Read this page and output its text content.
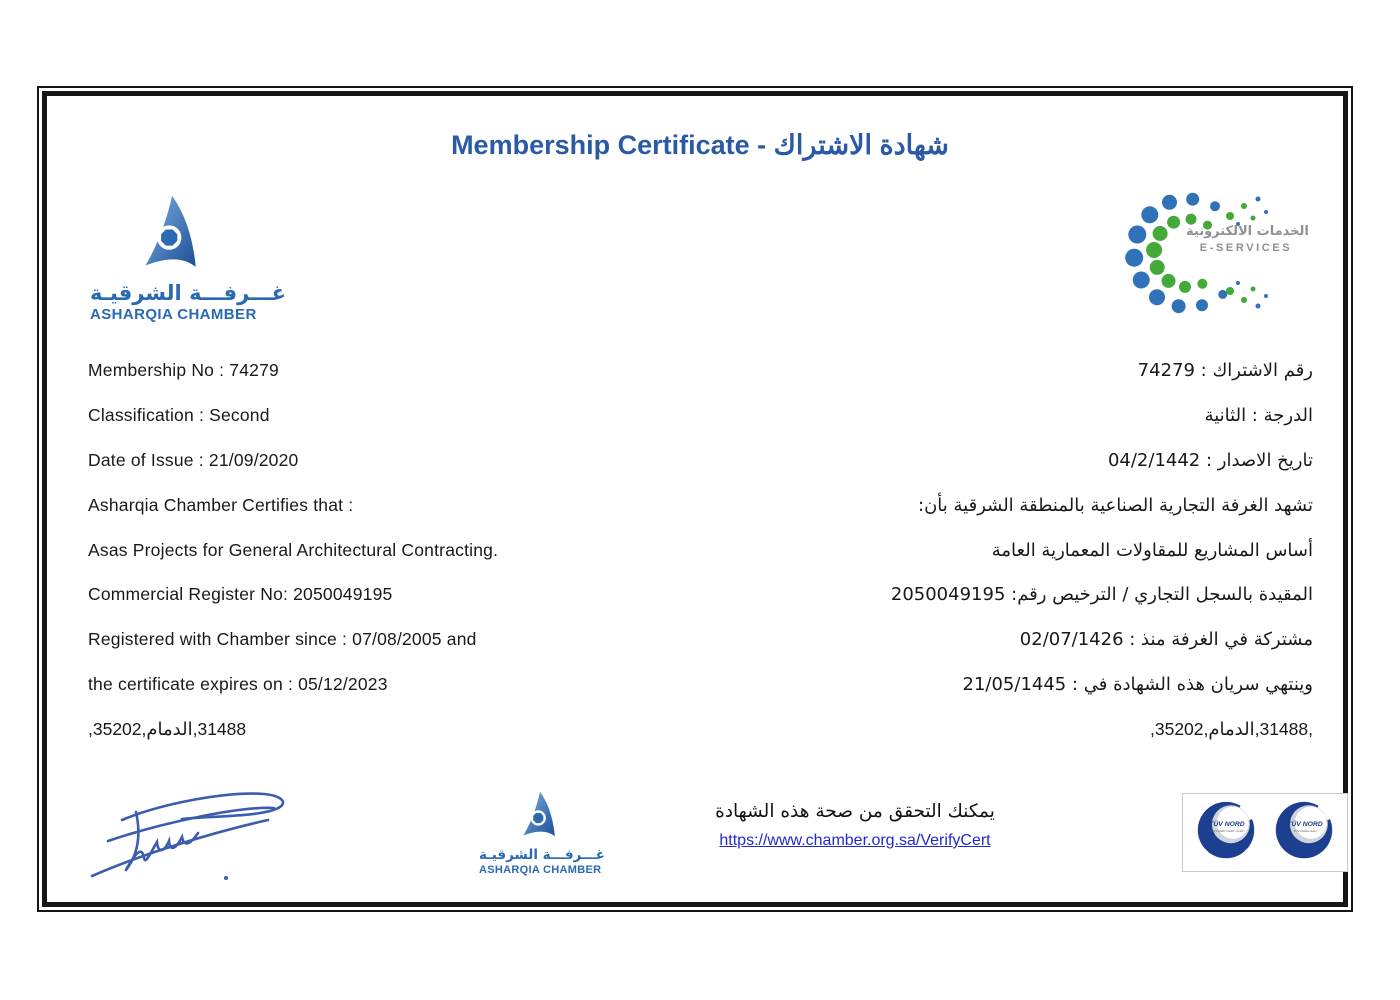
Membership Certificate - شهادة الاشتراك
غـــرفـــة الشرقيـة
ASHARQIA CHAMBER
الخدمات الالكترونية
E-SERVICES
Membership No : 74279	رقم الاشتراك : 74279
Classification : Second	الدرجة : الثانية
Date of Issue : 21/09/2020	تاريخ الاصدار : 04/2/1442
Asharqia Chamber Certifies that :	تشهد الغرفة التجارية الصناعية بالمنطقة الشرقية بأن:
Asas Projects for General Architectural Contracting.	أساس المشاريع للمقاولات المعمارية العامة
Commercial Register No: 2050049195	المقيدة بالسجل التجاري / الترخيص رقم: 2050049195
Registered with Chamber since : 07/08/2005 and	مشتركة في الغرفة منذ : 02/07/1426
the certificate expires on : 05/12/2023	وينتهي سريان هذه الشهادة في : 21/05/1445
,35202,الدمام,31488	,35202,الدمام,31488,
غـــرفـــة الشرقيـة
ASHARQIA CHAMBER
يمكنك التحقق من صحة هذه الشهادة
https://www.chamber.org.sa/VerifyCert
TÜV NORD
TÜV NORD CERT GmbH
ISO 9001/27001/22301
TÜV NORD
TÜV Middle East
ISO 10002
